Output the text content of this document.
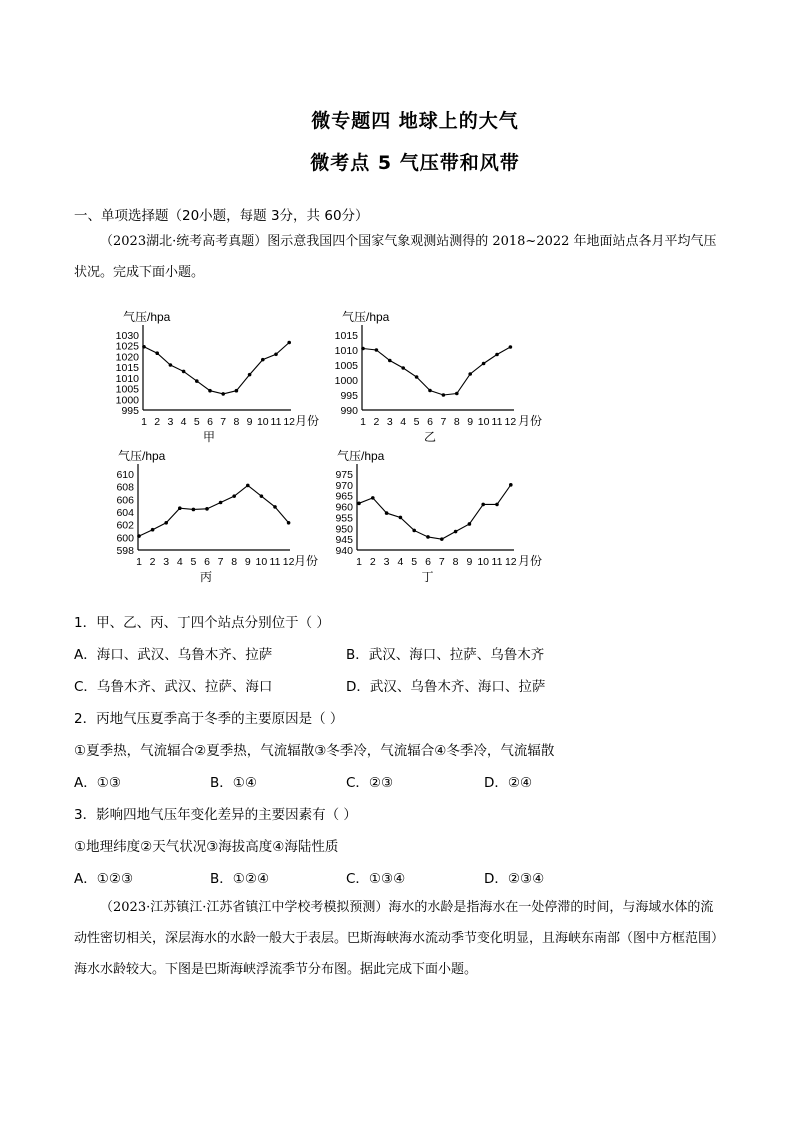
微专题四 地球上的大气
微考点 5 气压带和风带
一、单项选择题（20小题，每题 3分，共 60分）
（2023湖北·统考高考真题）图示意我国四个国家气象观测站测得的 2018~2022 年地面站点各月平均气压状况。完成下面小题。
气压/hpa
1030
1025
1020
1015
1010
1005
1000
995
1 2 3 4 5 6 7 8 9 10 11 12 月份
甲
气压/hpa
1015
1010
1005
1000
995
990
1 2 3 4 5 6 7 8 9 10 11 12 月份
乙
气压/hpa
610
608
606
604
602
600
598
1 2 3 4 5 6 7 8 9 10 11 12 月份
丙
气压/hpa
975
970
965
960
955
950
945
940
1 2 3 4 5 6 7 8 9 10 11 12 月份
丁
1．甲、乙、丙、丁四个站点分别位于（ ）
A．海口、武汉、乌鲁木齐、拉萨	B．武汉、海口、拉萨、乌鲁木齐
C．乌鲁木齐、武汉、拉萨、海口	D．武汉、乌鲁木齐、海口、拉萨
2．丙地气压夏季高于冬季的主要原因是（ ）
①夏季热，气流辐合②夏季热，气流辐散③冬季冷，气流辐合④冬季冷，气流辐散
A．①③	B．①④	C．②③	D．②④
3．影响四地气压年变化差异的主要因素有（ ）
①地理纬度②天气状况③海拔高度④海陆性质
A．①②③	B．①②④	C．①③④	D．②③④
（2023·江苏镇江·江苏省镇江中学校考模拟预测）海水的水龄是指海水在一处停滞的时间，与海域水体的流动性密切相关，深层海水的水龄一般大于表层。巴斯海峡海水流动季节变化明显，且海峡东南部（图中方框范围）海水水龄较大。下图是巴斯海峡浮流季节分布图。据此完成下面小题。
